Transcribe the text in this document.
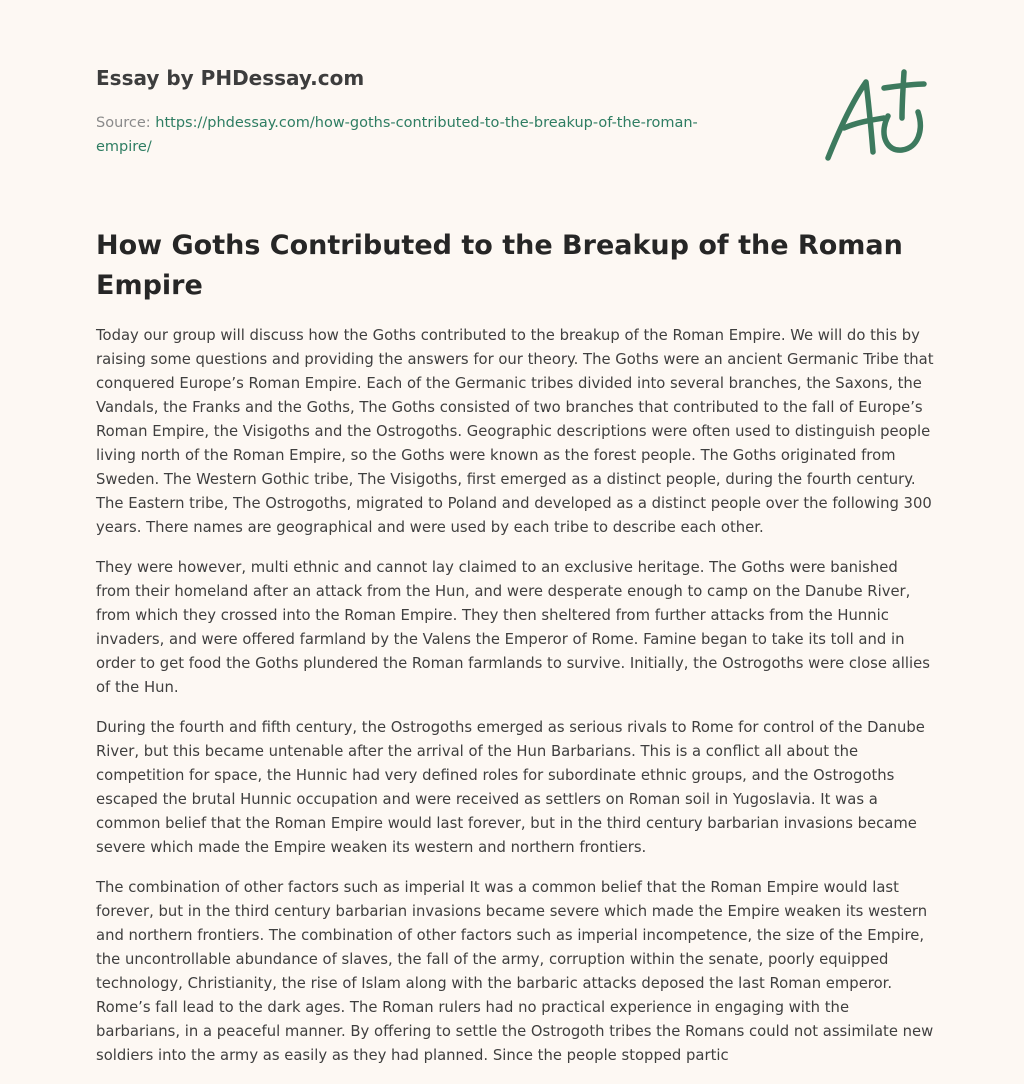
Essay by PHDessay.com

Source: https://phdessay.com/how-goths-contributed-to-the-breakup-of-the-roman-empire/

How Goths Contributed to the Breakup of the Roman Empire

Today our group will discuss how the Goths contributed to the breakup of the Roman Empire. We will do this by raising some questions and providing the answers for our theory. The Goths were an ancient Germanic Tribe that conquered Europe’s Roman Empire. Each of the Germanic tribes divided into several branches, the Saxons, the Vandals, the Franks and the Goths, The Goths consisted of two branches that contributed to the fall of Europe’s Roman Empire, the Visigoths and the Ostrogoths. Geographic descriptions were often used to distinguish people living north of the Roman Empire, so the Goths were known as the forest people. The Goths originated from Sweden. The Western Gothic tribe, The Visigoths, first emerged as a distinct people, during the fourth century. The Eastern tribe, The Ostrogoths, migrated to Poland and developed as a distinct people over the following 300 years. There names are geographical and were used by each tribe to describe each other.

They were however, multi ethnic and cannot lay claimed to an exclusive heritage. The Goths were banished from their homeland after an attack from the Hun, and were desperate enough to camp on the Danube River, from which they crossed into the Roman Empire. They then sheltered from further attacks from the Hunnic invaders, and were offered farmland by the Valens the Emperor of Rome. Famine began to take its toll and in order to get food the Goths plundered the Roman farmlands to survive. Initially, the Ostrogoths were close allies of the Hun.

During the fourth and fifth century, the Ostrogoths emerged as serious rivals to Rome for control of the Danube River, but this became untenable after the arrival of the Hun Barbarians. This is a conflict all about the competition for space, the Hunnic had very defined roles for subordinate ethnic groups, and the Ostrogoths escaped the brutal Hunnic occupation and were received as settlers on Roman soil in Yugoslavia. It was a common belief that the Roman Empire would last forever, but in the third century barbarian invasions became severe which made the Empire weaken its western and northern frontiers.

The combination of other factors such as imperial It was a common belief that the Roman Empire would last forever, but in the third century barbarian invasions became severe which made the Empire weaken its western and northern frontiers. The combination of other factors such as imperial incompetence, the size of the Empire, the uncontrollable abundance of slaves, the fall of the army, corruption within the senate, poorly equipped technology, Christianity, the rise of Islam along with the barbaric attacks deposed the last Roman emperor. Rome’s fall lead to the dark ages. The Roman rulers had no practical experience in engaging with the barbarians, in a peaceful manner. By offering to settle the Ostrogoth tribes the Romans could not assimilate new soldiers into the army as easily as they had planned. Since the people stopped partic
